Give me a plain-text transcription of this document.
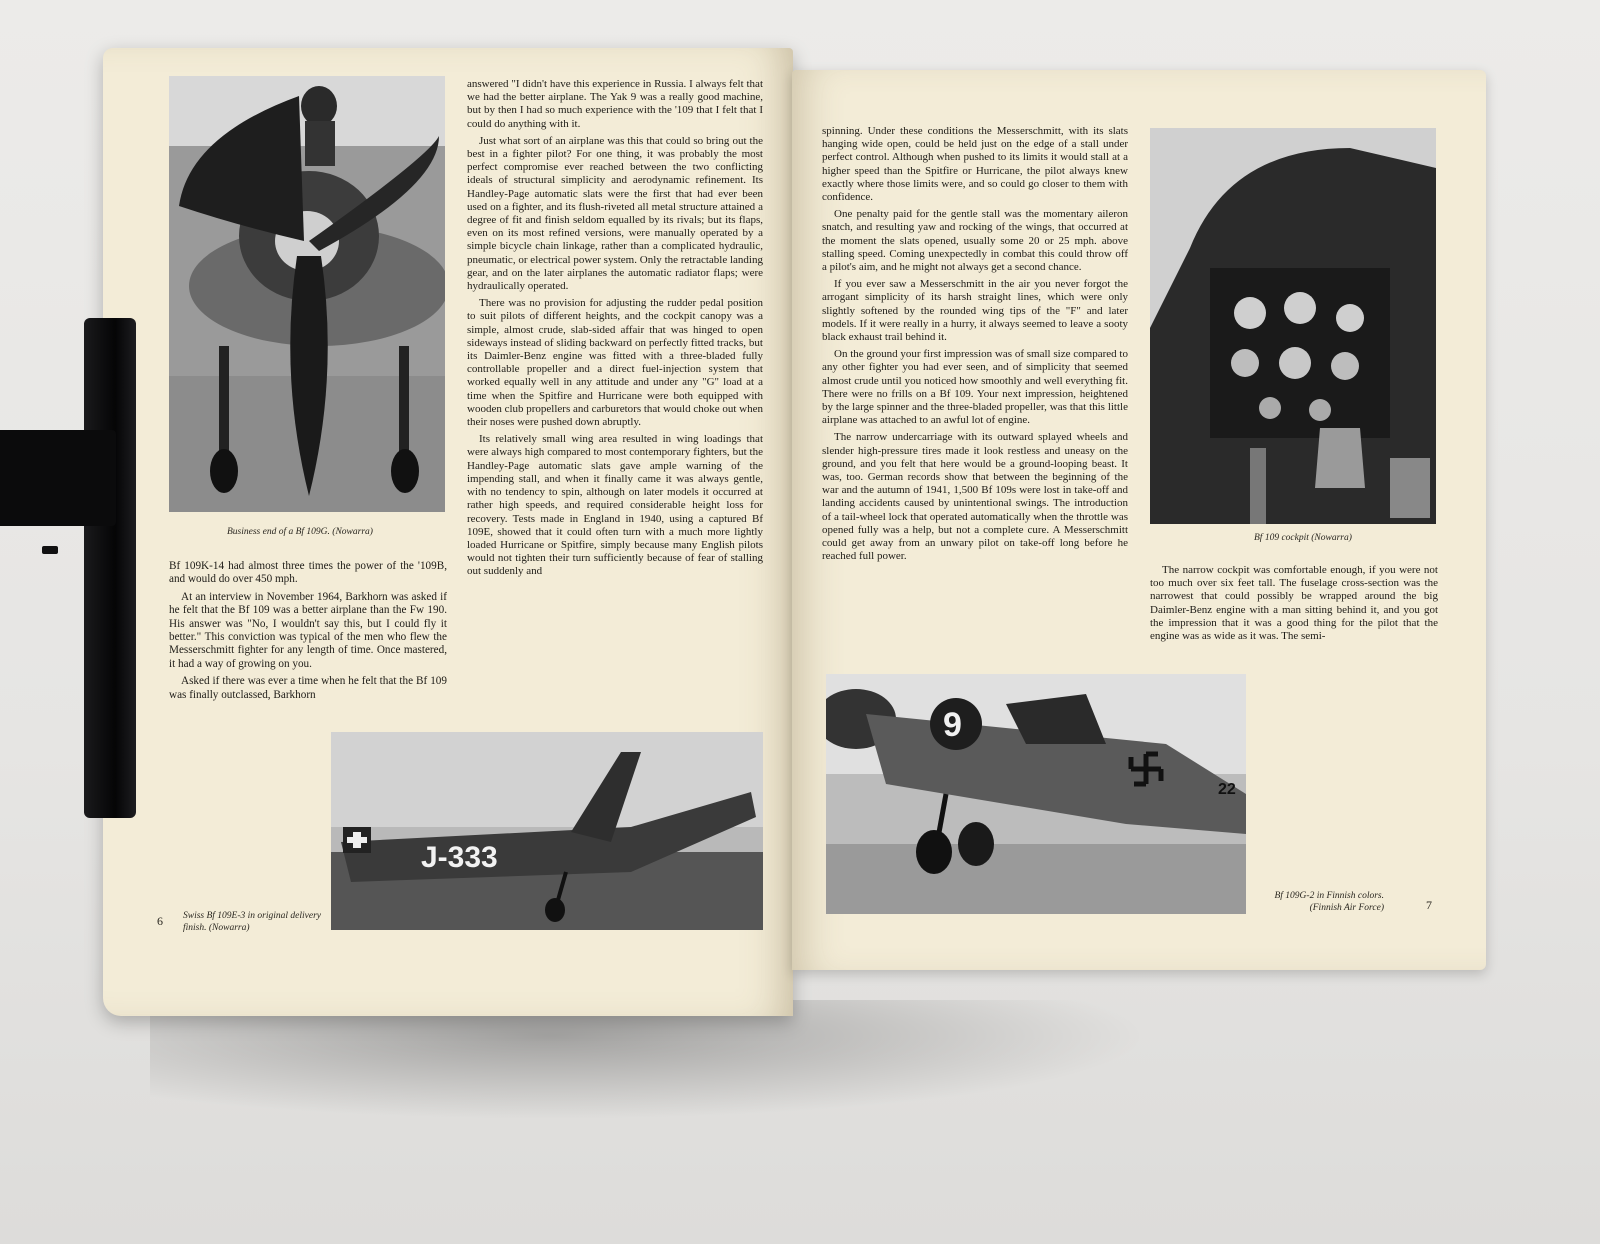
Business end of a Bf 109G. (Nowarra)

Bf 109K-14 had almost three times the power of the '109B, and would do over 450 mph.

At an interview in November 1964, Barkhorn was asked if he felt that the Bf 109 was a better airplane than the Fw 190. His answer was "No, I wouldn't say this, but I could fly it better." This conviction was typical of the men who flew the Messerschmitt fighter for any length of time. Once mastered, it had a way of growing on you.

Asked if there was ever a time when he felt that the Bf 109 was finally outclassed, Barkhorn

answered "I didn't have this experience in Russia. I always felt that we had the better airplane. The Yak 9 was a really good machine, but by then I had so much experience with the '109 that I felt that I could do anything with it.

Just what sort of an airplane was this that could so bring out the best in a fighter pilot? For one thing, it was probably the most perfect compromise ever reached between the two conflicting ideals of structural simplicity and aerodynamic refinement. Its Handley-Page automatic slats were the first that had ever been used on a fighter, and its flush-riveted all metal structure attained a degree of fit and finish seldom equalled by its rivals; but its flaps, even on its most refined versions, were manually operated by a simple bicycle chain linkage, rather than a complicated hydraulic, pneumatic, or electrical power system. Only the retractable landing gear, and on the later airplanes the automatic radiator flaps; were hydraulically operated.

There was no provision for adjusting the rudder pedal position to suit pilots of different heights, and the cockpit canopy was a simple, almost crude, slab-sided affair that was hinged to open sideways instead of sliding backward on perfectly fitted tracks, but its Daimler-Benz engine was fitted with a three-bladed fully controllable propeller and a direct fuel-injection system that worked equally well in any attitude and under any "G" load at a time when the Spitfire and Hurricane were both equipped with wooden club propellers and carburetors that would choke out when their noses were pushed down abruptly.

Its relatively small wing area resulted in wing loadings that were always high compared to most contemporary fighters, but the Handley-Page automatic slats gave ample warning of the impending stall, and when it finally came it was always gentle, with no tendency to spin, although on later models it occurred at rather high speeds, and required considerable height loss for recovery. Tests made in England in 1940, using a captured Bf 109E, showed that it could often turn with a much more lightly loaded Hurricane or Spitfire, simply because many English pilots would not tighten their turn sufficiently because of fear of stalling out suddenly and

J-333
Swiss Bf 109E-3 in original delivery finish. (Nowarra)
6

spinning. Under these conditions the Messerschmitt, with its slats hanging wide open, could be held just on the edge of a stall under perfect control. Although when pushed to its limits it would stall at a higher speed than the Spitfire or Hurricane, the pilot always knew exactly where those limits were, and so could go closer to them with confidence.

One penalty paid for the gentle stall was the momentary aileron snatch, and resulting yaw and rocking of the wings, that occurred at the moment the slats opened, usually some 20 or 25 mph. above stalling speed. Coming unexpectedly in combat this could throw off a pilot's aim, and he might not always get a second chance.

If you ever saw a Messerschmitt in the air you never forgot the arrogant simplicity of its harsh straight lines, which were only slightly softened by the rounded wing tips of the "F" and later models. If it were really in a hurry, it always seemed to leave a sooty black exhaust trail behind it.

On the ground your first impression was of small size compared to any other fighter you had ever seen, and of simplicity that seemed almost crude until you noticed how smoothly and well everything fit. There were no frills on a Bf 109. Your next impression, heightened by the large spinner and the three-bladed propeller, was that this little airplane was attached to an awful lot of engine.

The narrow undercarriage with its outward splayed wheels and slender high-pressure tires made it look restless and uneasy on the ground, and you felt that here would be a ground-looping beast. It was, too. German records show that between the beginning of the war and the autumn of 1941, 1,500 Bf 109s were lost in take-off and landing accidents caused by unintentional swings. The introduction of a tail-wheel lock that operated automatically when the throttle was opened fully was a help, but not a complete cure. A Messerschmitt could get away from an unwary pilot on take-off long before he reached full power.

Bf 109 cockpit (Nowarra)

The narrow cockpit was comfortable enough, if you were not too much over six feet tall. The fuselage cross-section was the narrowest that could possibly be wrapped around the big Daimler-Benz engine with a man sitting behind it, and you got the impression that it was a good thing for the pilot that the engine was as wide as it was. The semi-

9
22
Bf 109G-2 in Finnish colors.
(Finnish Air Force)	7
